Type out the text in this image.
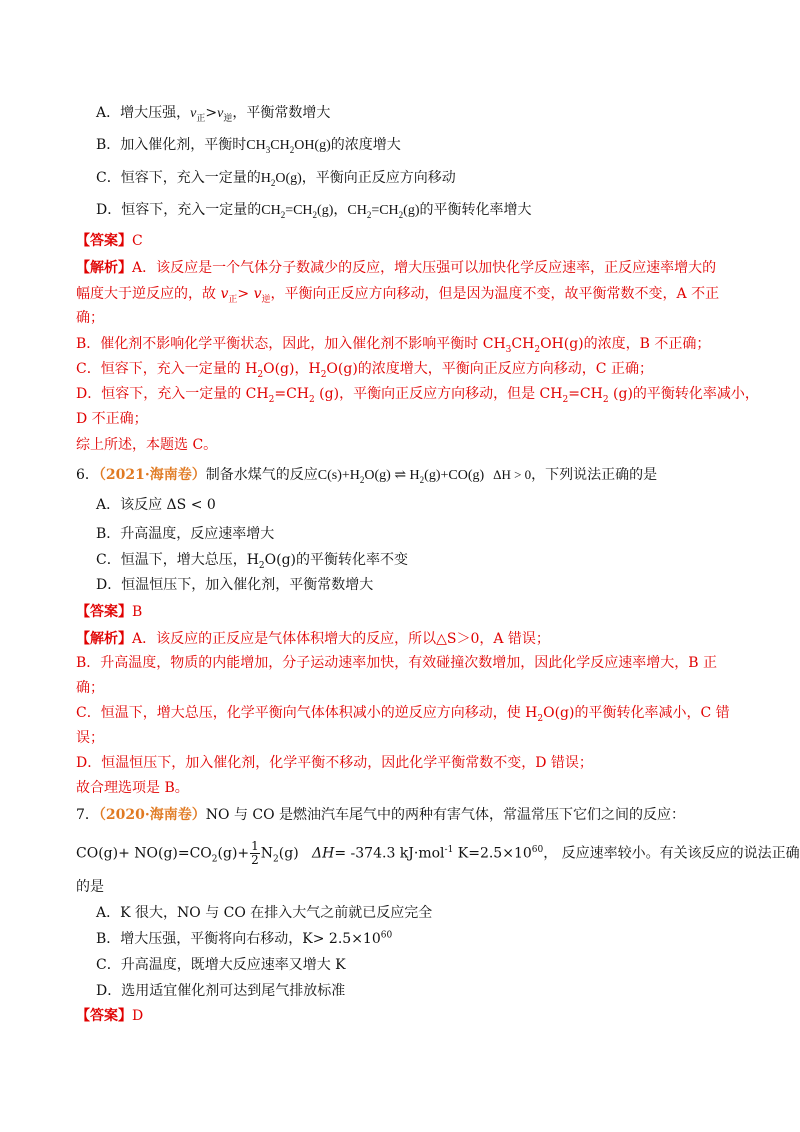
A．增大压强，$v_正>v_逆$，平衡常数增大
B．加入催化剂，平衡时$CH_3CH_2OH(g)$的浓度增大
C．恒容下，充入一定量的$H_2O(g)$，平衡向正反应方向移动
D．恒容下，充入一定量的$CH_2=CH_2(g)$，$CH_2=CH_2(g)$的平衡转化率增大
【答案】C
【解析】A．该反应是一个气体分子数减少的反应，增大压强可以加快化学反应速率，正反应速率增大的
幅度大于逆反应的，故 $v_正> v_逆$，平衡向正反应方向移动，但是因为温度不变，故平衡常数不变，A 不正
确；
B．催化剂不影响化学平衡状态，因此，加入催化剂不影响平衡时 $CH_3CH_2OH(g)$的浓度，B 不正确；
C．恒容下，充入一定量的 $H_2O(g)$，$H_2O(g)$的浓度增大，平衡向正反应方向移动，C 正确；
D．恒容下，充入一定量的 $CH_2=CH_2$ (g)，平衡向正反应方向移动，但是 $CH_2=CH_2$ (g)的平衡转化率减小，
D 不正确；
综上所述，本题选 C。
6．（2021·海南卷）制备水煤气的反应$C(s)+H_2O(g)$ ⇌ $H_2(g)+CO(g) \Delta H > 0$，下列说法正确的是
A．该反应 ΔS < 0
B．升高温度，反应速率增大
C．恒温下，增大总压，$H_2O(g)$的平衡转化率不变
D．恒温恒压下，加入催化剂，平衡常数增大
【答案】B
【解析】A．该反应的正反应是气体体积增大的反应，所以△S＞0，A 错误；
B．升高温度，物质的内能增加，分子运动速率加快，有效碰撞次数增加，因此化学反应速率增大，B 正
确；
C．恒温下，增大总压，化学平衡向气体体积减小的逆反应方向移动，使 $H_2O(g)$的平衡转化率减小，C 错
误；
D．恒温恒压下，加入催化剂，化学平衡不移动，因此化学平衡常数不变，D 错误；
故合理选项是 B。
7．（2020·海南卷）NO 与 CO 是燃油汽车尾气中的两种有害气体，常温常压下它们之间的反应：
$CO(g)+ NO(g)=CO_2(g)+ \frac{1}{2} N_2(g)$   ΔH= -374.3 kJ·mol$^{-1}$ $K=2.5\times 10^{60}$， 反应速率较小。有关该反应的说法正确
的是
A．K 很大，NO 与 CO 在排入大气之前就已反应完全
B．增大压强，平衡将向右移动，$K> 2.5\times 10^{60}$
C．升高温度，既增大反应速率又增大 K
D．选用适宜催化剂可达到尾气排放标准
【答案】D
